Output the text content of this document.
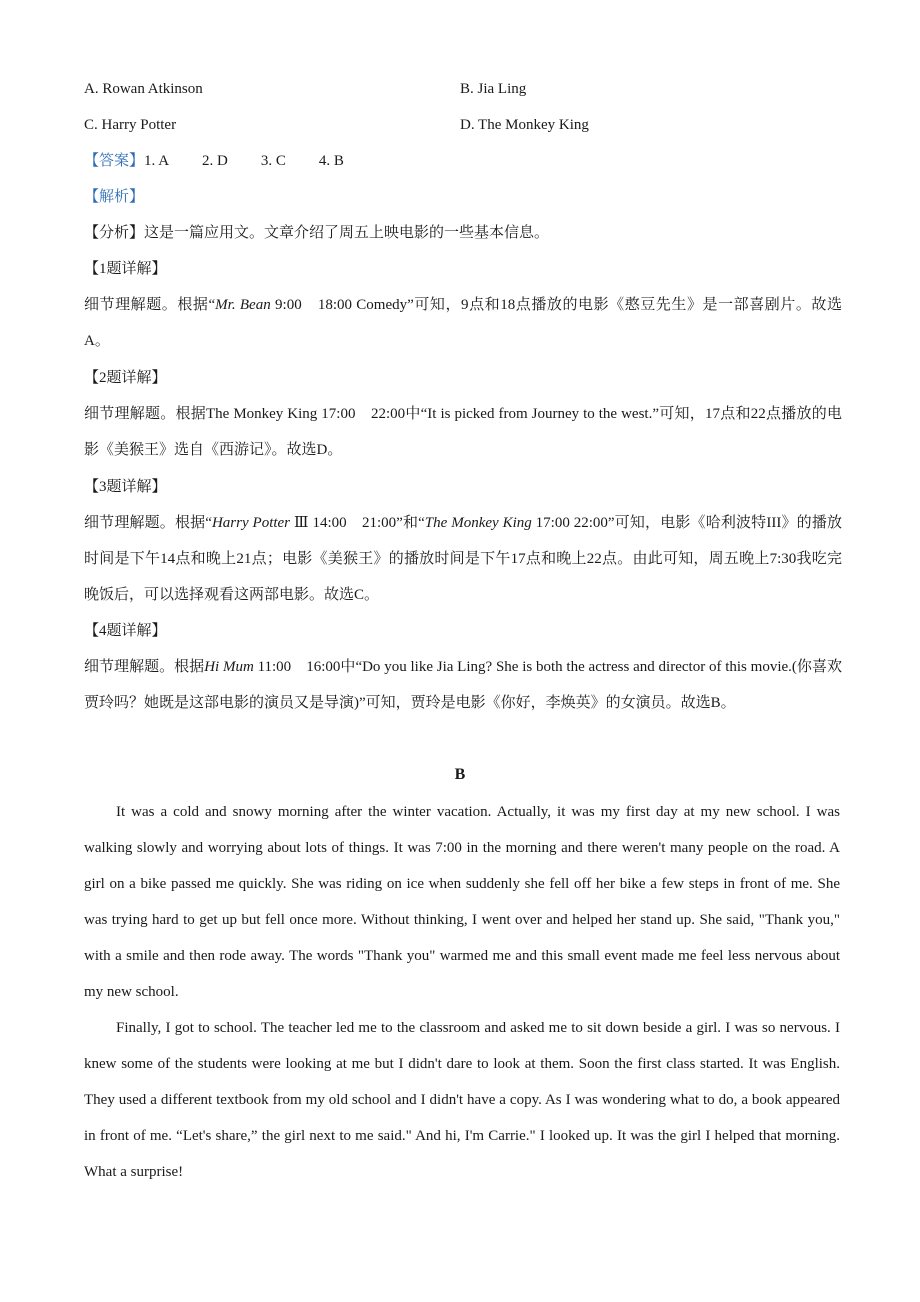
A. Rowan Atkinson	B. Jia Ling
C. Harry Potter	D. The Monkey King
【答案】1. A 2. D 3. C 4. B
【解析】
【分析】这是一篇应用文。文章介绍了周五上映电影的一些基本信息。
【1题详解】
细节理解题。根据“Mr. Bean 9:00　18:00 Comedy”可知，9点和18点播放的电影《憨豆先生》是一部喜剧片。故选A。
【2题详解】
细节理解题。根据The Monkey King 17:00　22:00中“It is picked from Journey to the west.”可知，17点和22点播放的电影《美猴王》选自《西游记》。故选D。
【3题详解】
细节理解题。根据“Harry Potter Ⅲ 14:00　21:00”和“The Monkey King 17:00 22:00”可知，电影《哈利波特III》的播放时间是下午14点和晚上21点；电影《美猴王》的播放时间是下午17点和晚上22点。由此可知，周五晚上7:30我吃完晚饭后，可以选择观看这两部电影。故选C。
【4题详解】
细节理解题。根据Hi Mum 11:00　16:00中“Do you like Jia Ling? She is both the actress and director of this movie.(你喜欢贾玲吗？她既是这部电影的演员又是导演)”可知，贾玲是电影《你好，李焕英》的女演员。故选B。
B
It was a cold and snowy morning after the winter vacation. Actually, it was my first day at my new school. I was walking slowly and worrying about lots of things. It was 7:00 in the morning and there weren't many people on the road. A girl on a bike passed me quickly. She was riding on ice when suddenly she fell off her bike a few steps in front of me. She was trying hard to get up but fell once more. Without thinking, I went over and helped her stand up. She said, "Thank you," with a smile and then rode away. The words "Thank you" warmed me and this small event made me feel less nervous about my new school.
Finally, I got to school. The teacher led me to the classroom and asked me to sit down beside a girl. I was so nervous. I knew some of the students were looking at me but I didn't dare to look at them. Soon the first class started. It was English. They used a different textbook from my old school and I didn't have a copy. As I was wondering what to do, a book appeared in front of me. “Let's share,” the girl next to me said." And hi, I'm Carrie." I looked up. It was the girl I helped that morning. What a surprise!
